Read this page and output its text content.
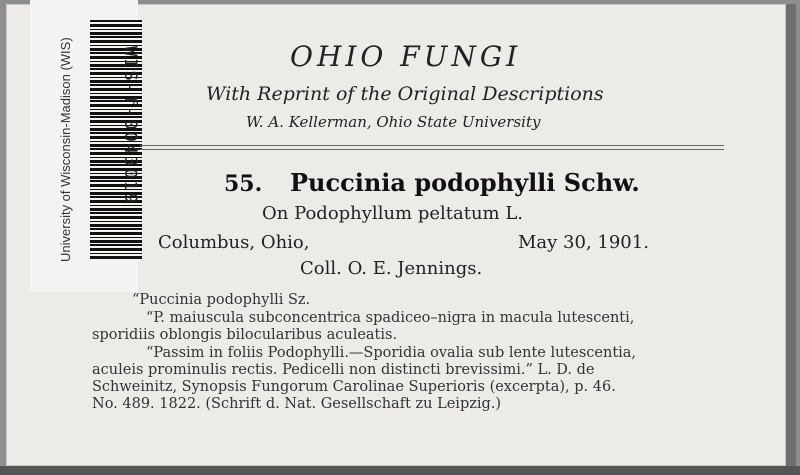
University of Wisconsin-Madison (WIS)	WIS-f-0043019	OHIO FUNGI
With Reprint of the Original Descriptions
W. A. Kellerman, Ohio State University
55. Puccinia podophylli Schw.
On Podophyllum peltatum L.
Columbus, Ohio,	May 30, 1901.
Coll. O. E. Jennings.
“Puccinia podophylli Sz.
“P. maiuscula subconcentrica spadiceo–nigra in macula lutescenti,
sporidiis oblongis bilocularibus aculeatis.
“Passim in foliis Podophylli.—Sporidia ovalia sub lente lutescentia,
aculeis prominulis rectis. Pedicelli non distincti brevissimi.” L. D. de
Schweinitz, Synopsis Fungorum Carolinae Superioris (excerpta), p. 46.
No. 489. 1822. (Schrift d. Nat. Gesellschaft zu Leipzig.)
